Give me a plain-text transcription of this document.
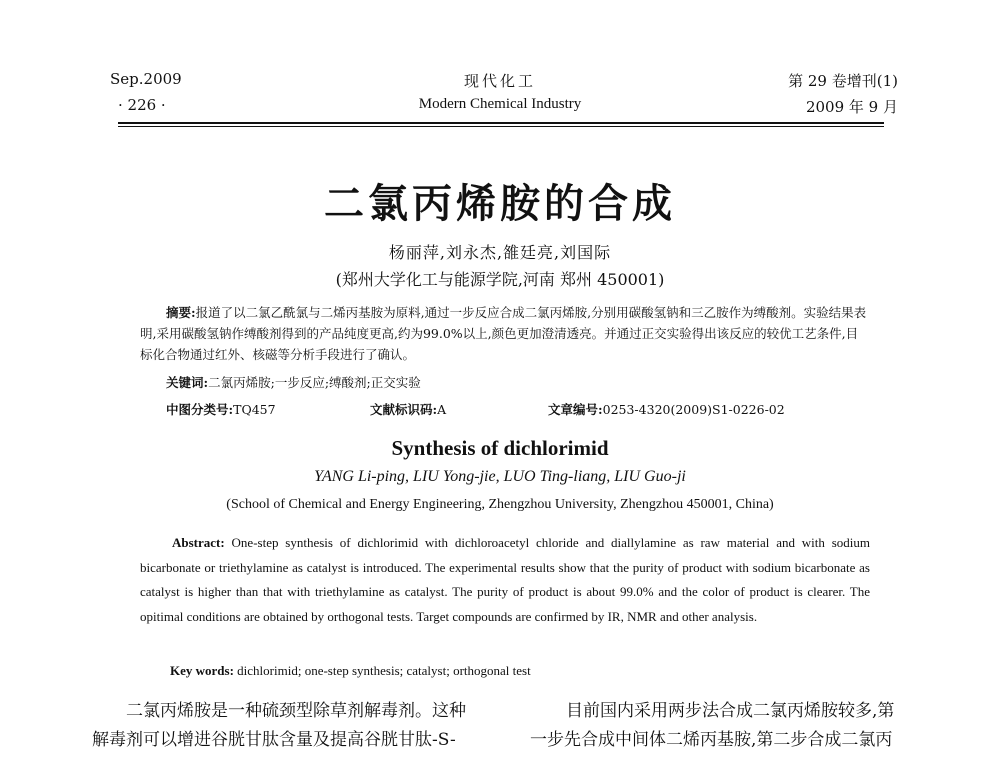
Sep.2009
· 226 ·
现代化工
Modern Chemical Industry
第 29 卷增刊(1)
2009 年 9 月
二氯丙烯胺的合成
杨丽萍,刘永杰,雒廷亮,刘国际
(郑州大学化工与能源学院,河南 郑州 450001)
摘要:报道了以二氯乙酰氯与二烯丙基胺为原料,通过一步反应合成二氯丙烯胺,分别用碳酸氢钠和三乙胺作为缚酸剂。实验结果表明,采用碳酸氢钠作缚酸剂得到的产品纯度更高,约为99.0%以上,颜色更加澄清透亮。并通过正交实验得出该反应的较优工艺条件,目标化合物通过红外、核磁等分析手段进行了确认。
关键词:二氯丙烯胺;一步反应;缚酸剂;正交实验
中图分类号:TQ457	文献标识码:A	文章编号:0253-4320(2009)S1-0226-02
Synthesis of dichlorimid
YANG Li-ping, LIU Yong-jie, LUO Ting-liang, LIU Guo-ji
(School of Chemical and Energy Engineering, Zhengzhou University, Zhengzhou 450001, China)
Abstract: One-step synthesis of dichlorimid with dichloroacetyl chloride and diallylamine as raw material and with sodium bicarbonate or triethylamine as catalyst is introduced. The experimental results show that the purity of product with sodium bicarbonate as catalyst is higher than that with triethylamine as catalyst. The purity of product is about 99.0% and the color of product is clearer. The opitimal conditions are obtained by orthogonal tests. Target compounds are confirmed by IR, NMR and other analysis.
Key words: dichlorimid; one-step synthesis; catalyst; orthogonal test
二氯丙烯胺是一种硫颈型除草剂解毒剂。这种
解毒剂可以增进谷胱甘肽含量及提高谷胱甘肽-S-
目前国内采用两步法合成二氯丙烯胺较多,第
一步先合成中间体二烯丙基胺,第二步合成二氯丙
